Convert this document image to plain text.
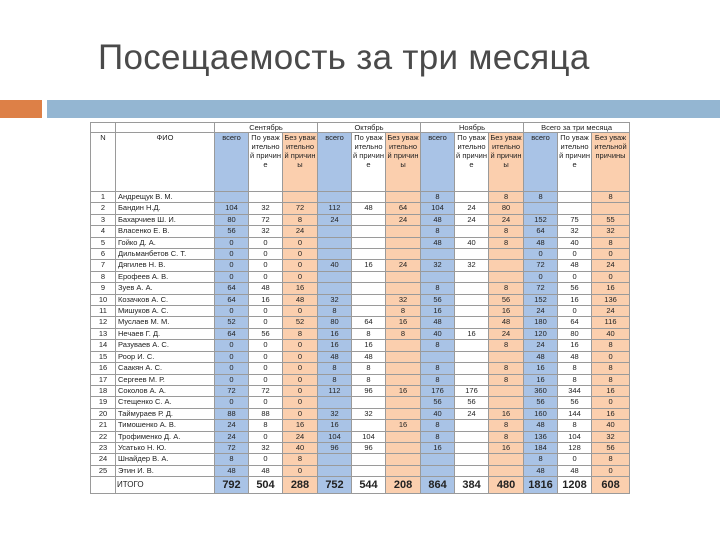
Посещаемость за три месяца
		Сентябрь			Октябрь			Ноябрь			Всего за три месяца		
N	ФИО	всего	По уважительной причине	Без уважительной причины	всего	По уважительной причине	Без уважительной причины	всего	По уважительной причине	Без уважительной причины	всего	По уважительной причине	Без уважительной причины
1	Андрещук В. М.							8		8	8		8
2	Бандин Н.Д.	104	32	72	112	48	64	104	24	80			
3	Бахарчиев Ш. И.	80	72	8	24		24	48	24	24	152	75	55
4	Власенко Е. В.	56	32	24				8		8	64	32	32
5	Гойко Д. А.	0	0	0				48	40	8	48	40	8
6	Дильманбетов С. Т.	0	0	0							0	0	0
7	Дягилев Н. В.	0	0	0	40	16	24	32	32		72	48	24
8	Ерофеев А. В.	0	0	0							0	0	0
9	Зуев А. А.	64	48	16				8		8	72	56	16
10	Козачков А. С.	64	16	48	32		32	56		56	152	16	136
11	Мишуков А. С.	0	0	0	8		8	16		16	24	0	24
12	Муслаев М. М.	52	0	52	80	64	16	48		48	180	64	116
13	Нечаев Г. Д.	64	56	8	16	8	8	40	16	24	120	80	40
14	Разуваев А. С.	0	0	0	16	16		8		8	24	16	8
15	Роор И. С.	0	0	0	48	48					48	48	0
16	Саакян А. С.	0	0	0	8	8		8		8	16	8	8
17	Сергеев М. Р.	0	0	0	8	8		8		8	16	8	8
18	Соколов А. А.	72	72	0	112	96	16	176	176		360	344	16
19	Стещенко С. А.	0	0	0				56	56		56	56	0
20	Таймураев Р. Д.	88	88	0	32	32		40	24	16	160	144	16
21	Тимошенко А. В.	24	8	16	16		16	8		8	48	8	40
22	Трофименко Д. А.	24	0	24	104	104		8		8	136	104	32
23	Усатько Н. Ю.	72	32	40	96	96		16		16	184	128	56
24	Шнайдер В. А.	8	0	8							8	0	8
25	Этин И. В.	48	48	0							48	48	0
	ИТОГО	792	504	288	752	544	208	864	384	480	1816	1208	608
